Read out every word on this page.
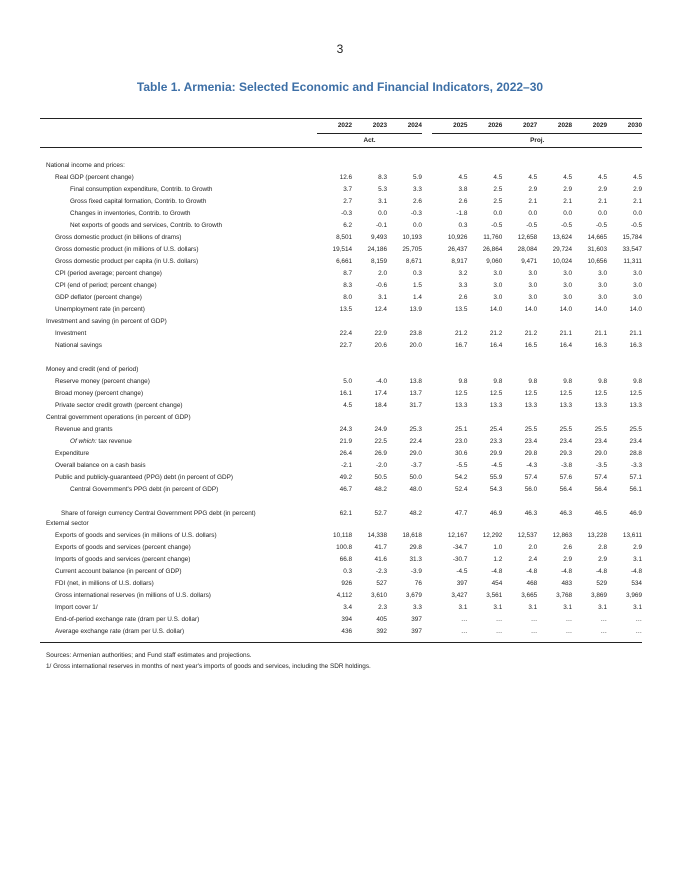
3
Table 1. Armenia: Selected Economic and Financial Indicators, 2022–30
	2022	2023	2024		2025	2026	2027	2028	2029	2030
	Act.				Proj.					

National income and prices:										
Real GDP (percent change)	12.6	8.3	5.9		4.5	4.5	4.5	4.5	4.5	4.5
Final consumption expenditure, Contrib. to Growth	3.7	5.3	3.3		3.8	2.5	2.9	2.9	2.9	2.9
Gross fixed capital formation, Contrib. to Growth	2.7	3.1	2.6		2.6	2.5	2.1	2.1	2.1	2.1
Changes in inventories, Contrib. to Growth	-0.3	0.0	-0.3		-1.8	0.0	0.0	0.0	0.0	0.0
Net exports of goods and services, Contrib. to Growth	6.2	-0.1	0.0		0.3	-0.5	-0.5	-0.5	-0.5	-0.5
Gross domestic product (in billions of drams)	8,501	9,493	10,193		10,926	11,760	12,658	13,624	14,665	15,784
Gross domestic product (in millions of U.S. dollars)	19,514	24,186	25,705		26,437	26,864	28,084	29,724	31,603	33,547
Gross domestic product per capita (in U.S. dollars)	6,661	8,159	8,671		8,917	9,060	9,471	10,024	10,656	11,311
CPI (period average; percent change)	8.7	2.0	0.3		3.2	3.0	3.0	3.0	3.0	3.0
CPI (end of period; percent change)	8.3	-0.6	1.5		3.3	3.0	3.0	3.0	3.0	3.0
GDP deflator (percent change)	8.0	3.1	1.4		2.6	3.0	3.0	3.0	3.0	3.0
Unemployment rate (in percent)	13.5	12.4	13.9		13.5	14.0	14.0	14.0	14.0	14.0
Investment and saving (in percent of GDP)										
Investment	22.4	22.9	23.8		21.2	21.2	21.2	21.1	21.1	21.1
National savings	22.7	20.6	20.0		16.7	16.4	16.5	16.4	16.3	16.3

Money and credit (end of period)										
Reserve money (percent change)	5.0	-4.0	13.8		9.8	9.8	9.8	9.8	9.8	9.8
Broad money (percent change)	16.1	17.4	13.7		12.5	12.5	12.5	12.5	12.5	12.5
Private sector credit growth (percent change)	4.5	18.4	31.7		13.3	13.3	13.3	13.3	13.3	13.3
Central government operations (in percent of GDP)										
Revenue and grants	24.3	24.9	25.3		25.1	25.4	25.5	25.5	25.5	25.5
Of which: tax revenue	21.9	22.5	22.4		23.0	23.3	23.4	23.4	23.4	23.4
Expenditure	26.4	26.9	29.0		30.6	29.9	29.8	29.3	29.0	28.8
Overall balance on a cash basis	-2.1	-2.0	-3.7		-5.5	-4.5	-4.3	-3.8	-3.5	-3.3
Public and publicly-guaranteed (PPG) debt (in percent of GDP)	49.2	50.5	50.0		54.2	55.9	57.4	57.6	57.4	57.1
Central Government's PPG debt (in percent of GDP)	46.7	48.2	48.0		52.4	54.3	56.0	56.4	56.4	56.1

Share of foreign currency Central Government PPG debt (in percent)	62.1	52.7	48.2		47.7	46.9	46.3	46.3	46.5	46.9
External sector										
Exports of goods and services (in millions of U.S. dollars)	10,118	14,338	18,618		12,167	12,292	12,537	12,863	13,228	13,611
Exports of goods and services (percent change)	100.8	41.7	29.8		-34.7	1.0	2.0	2.6	2.8	2.9
Imports of goods and services (percent change)	66.8	41.6	31.3		-30.7	1.2	2.4	2.9	2.9	3.1
Current account balance (in percent of GDP)	0.3	-2.3	-3.9		-4.5	-4.8	-4.8	-4.8	-4.8	-4.8
FDI (net, in millions of U.S. dollars)	926	527	76		397	454	468	483	529	534
Gross international reserves (in millions of U.S. dollars)	4,112	3,610	3,679		3,427	3,561	3,665	3,768	3,869	3,969
Import cover 1/	3.4	2.3	3.3		3.1	3.1	3.1	3.1	3.1	3.1
End-of-period exchange rate (dram per U.S. dollar)	394	405	397		…	…	…	…	…	…
Average exchange rate (dram per U.S. dollar)	436	392	397		…	…	…	…	…	…
Sources: Armenian authorities; and Fund staff estimates and projections.
1/ Gross international reserves in months of next year's imports of goods and services, including the SDR holdings.
